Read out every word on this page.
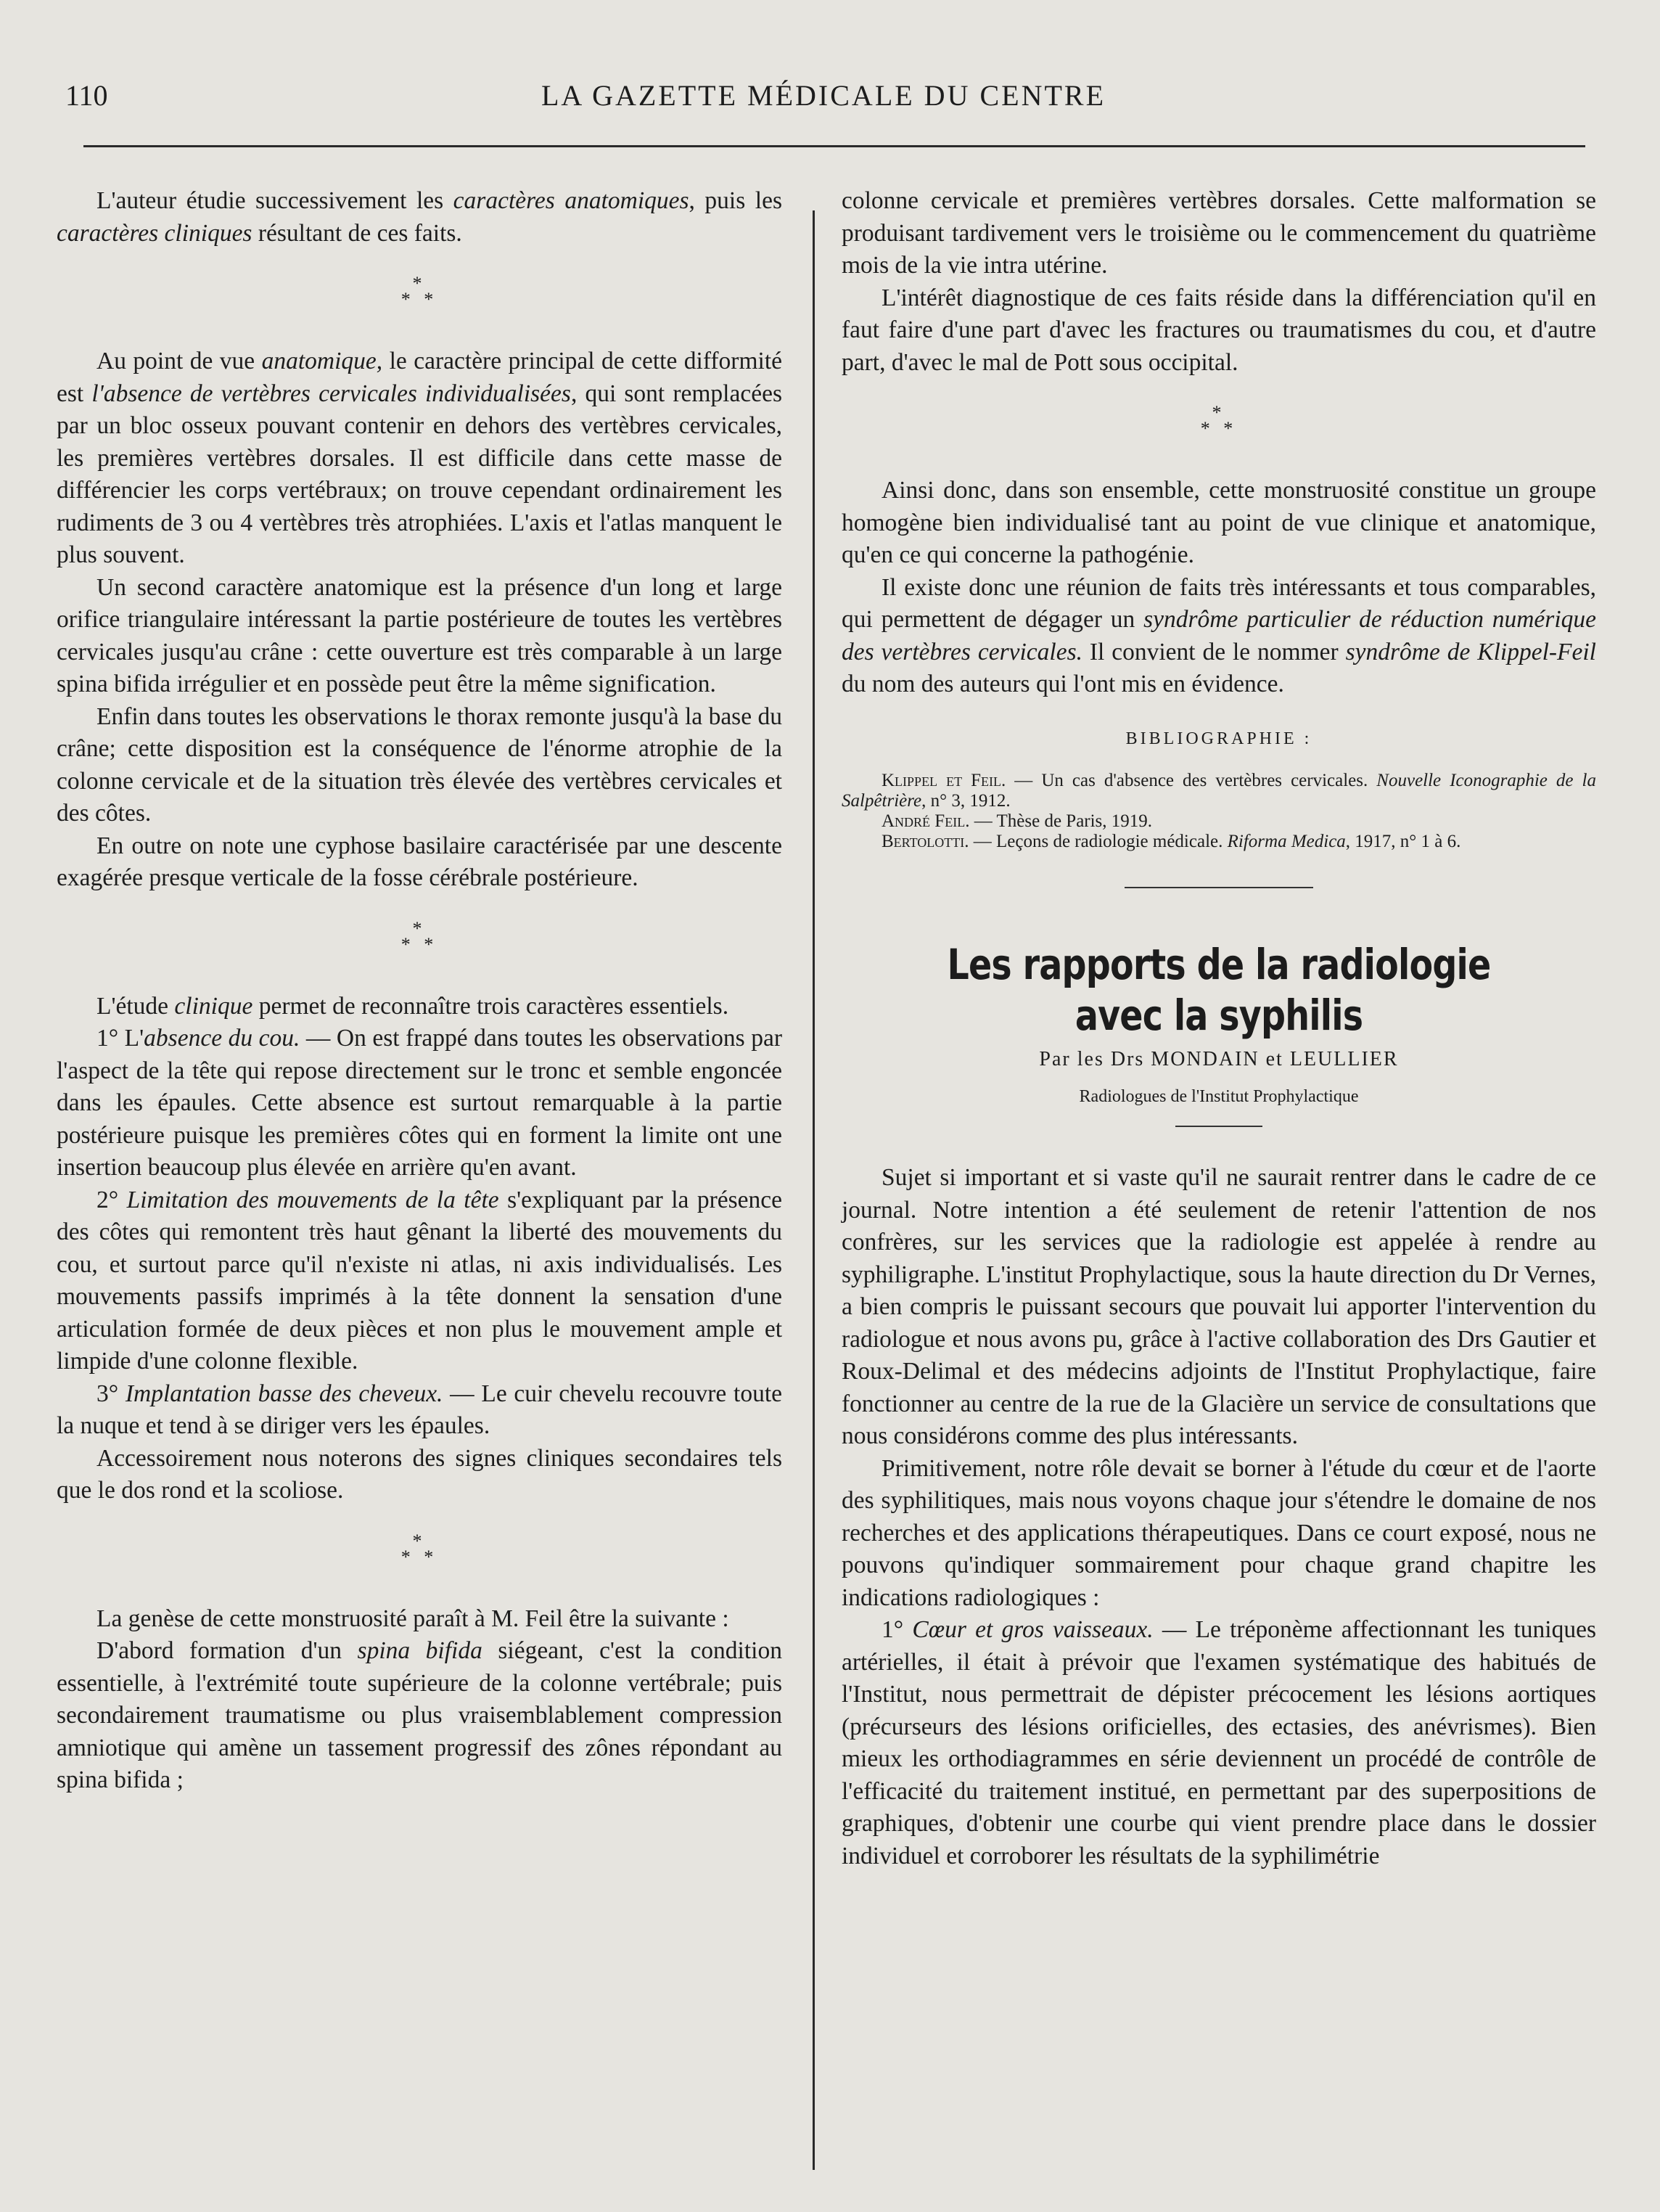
110	LA GAZETTE MÉDICALE DU CENTRE

L'auteur étudie successivement les caractères anatomiques, puis les caractères cliniques résultant de ces faits.

*
* *

Au point de vue anatomique, le caractère principal de cette difformité est l'absence de vertèbres cervicales individualisées, qui sont remplacées par un bloc osseux pouvant contenir en dehors des vertèbres cervicales, les premières vertèbres dorsales. Il est difficile dans cette masse de différencier les corps vertébraux; on trouve cependant ordinairement les rudiments de 3 ou 4 vertèbres très atrophiées. L'axis et l'atlas manquent le plus souvent.

Un second caractère anatomique est la présence d'un long et large orifice triangulaire intéressant la partie postérieure de toutes les vertèbres cervicales jusqu'au crâne : cette ouverture est très comparable à un large spina bifida irrégulier et en possède peut être la même signification.

Enfin dans toutes les observations le thorax remonte jusqu'à la base du crâne; cette disposition est la conséquence de l'énorme atrophie de la colonne cervicale et de la situation très élevée des vertèbres cervicales et des côtes.

En outre on note une cyphose basilaire caractérisée par une descente exagérée presque verticale de la fosse cérébrale postérieure.

*
* *

L'étude clinique permet de reconnaître trois caractères essentiels.

1° L'absence du cou. — On est frappé dans toutes les observations par l'aspect de la tête qui repose directement sur le tronc et semble engoncée dans les épaules. Cette absence est surtout remarquable à la partie postérieure puisque les premières côtes qui en forment la limite ont une insertion beaucoup plus élevée en arrière qu'en avant.

2° Limitation des mouvements de la tête s'expliquant par la présence des côtes qui remontent très haut gênant la liberté des mouvements du cou, et surtout parce qu'il n'existe ni atlas, ni axis individualisés. Les mouvements passifs imprimés à la tête donnent la sensation d'une articulation formée de deux pièces et non plus le mouvement ample et limpide d'une colonne flexible.

3° Implantation basse des cheveux. — Le cuir chevelu recouvre toute la nuque et tend à se diriger vers les épaules.

Accessoirement nous noterons des signes cliniques secondaires tels que le dos rond et la scoliose.

*
* *

La genèse de cette monstruosité paraît à M. Feil être la suivante :

D'abord formation d'un spina bifida siégeant, c'est la condition essentielle, à l'extrémité toute supérieure de la colonne vertébrale; puis secondairement traumatisme ou plus vraisemblablement compression amniotique qui amène un tassement progressif des zônes répondant au spina bifida ;

colonne cervicale et premières vertèbres dorsales. Cette malformation se produisant tardivement vers le troisième ou le commencement du quatrième mois de la vie intra utérine.

L'intérêt diagnostique de ces faits réside dans la différenciation qu'il en faut faire d'une part d'avec les fractures ou traumatismes du cou, et d'autre part, d'avec le mal de Pott sous occipital.

*
* *

Ainsi donc, dans son ensemble, cette monstruosité constitue un groupe homogène bien individualisé tant au point de vue clinique et anatomique, qu'en ce qui concerne la pathogénie.

Il existe donc une réunion de faits très intéressants et tous comparables, qui permettent de dégager un syndrôme particulier de réduction numérique des vertèbres cervicales. Il convient de le nommer syndrôme de Klippel-Feil du nom des auteurs qui l'ont mis en évidence.

BIBLIOGRAPHIE :

Klippel et Feil. — Un cas d'absence des vertèbres cervicales. Nouvelle Iconographie de la Salpêtrière, n° 3, 1912.

André Feil. — Thèse de Paris, 1919.

Bertolotti. — Leçons de radiologie médicale. Riforma Medica, 1917, n° 1 à 6.

Les rapports de la radiologie avec la syphilis
Par les Drs MONDAIN et LEULLIER
Radiologues de l'Institut Prophylactique

Sujet si important et si vaste qu'il ne saurait rentrer dans le cadre de ce journal. Notre intention a été seulement de retenir l'attention de nos confrères, sur les services que la radiologie est appelée à rendre au syphiligraphe. L'institut Prophylactique, sous la haute direction du Dr Vernes, a bien compris le puissant secours que pouvait lui apporter l'intervention du radiologue et nous avons pu, grâce à l'active collaboration des Drs Gautier et Roux-Delimal et des médecins adjoints de l'Institut Prophylactique, faire fonctionner au centre de la rue de la Glacière un service de consultations que nous considérons comme des plus intéressants.

Primitivement, notre rôle devait se borner à l'étude du cœur et de l'aorte des syphilitiques, mais nous voyons chaque jour s'étendre le domaine de nos recherches et des applications thérapeutiques. Dans ce court exposé, nous ne pouvons qu'indiquer sommairement pour chaque grand chapitre les indications radiologiques :

1° Cœur et gros vaisseaux. — Le tréponème affectionnant les tuniques artérielles, il était à prévoir que l'examen systématique des habitués de l'Institut, nous permettrait de dépister précocement les lésions aortiques (précurseurs des lésions orificielles, des ectasies, des anévrismes). Bien mieux les orthodiagrammes en série deviennent un procédé de contrôle de l'efficacité du traitement institué, en permettant par des superpositions de graphiques, d'obtenir une courbe qui vient prendre place dans le dossier individuel et corroborer les résultats de la syphilimétrie
